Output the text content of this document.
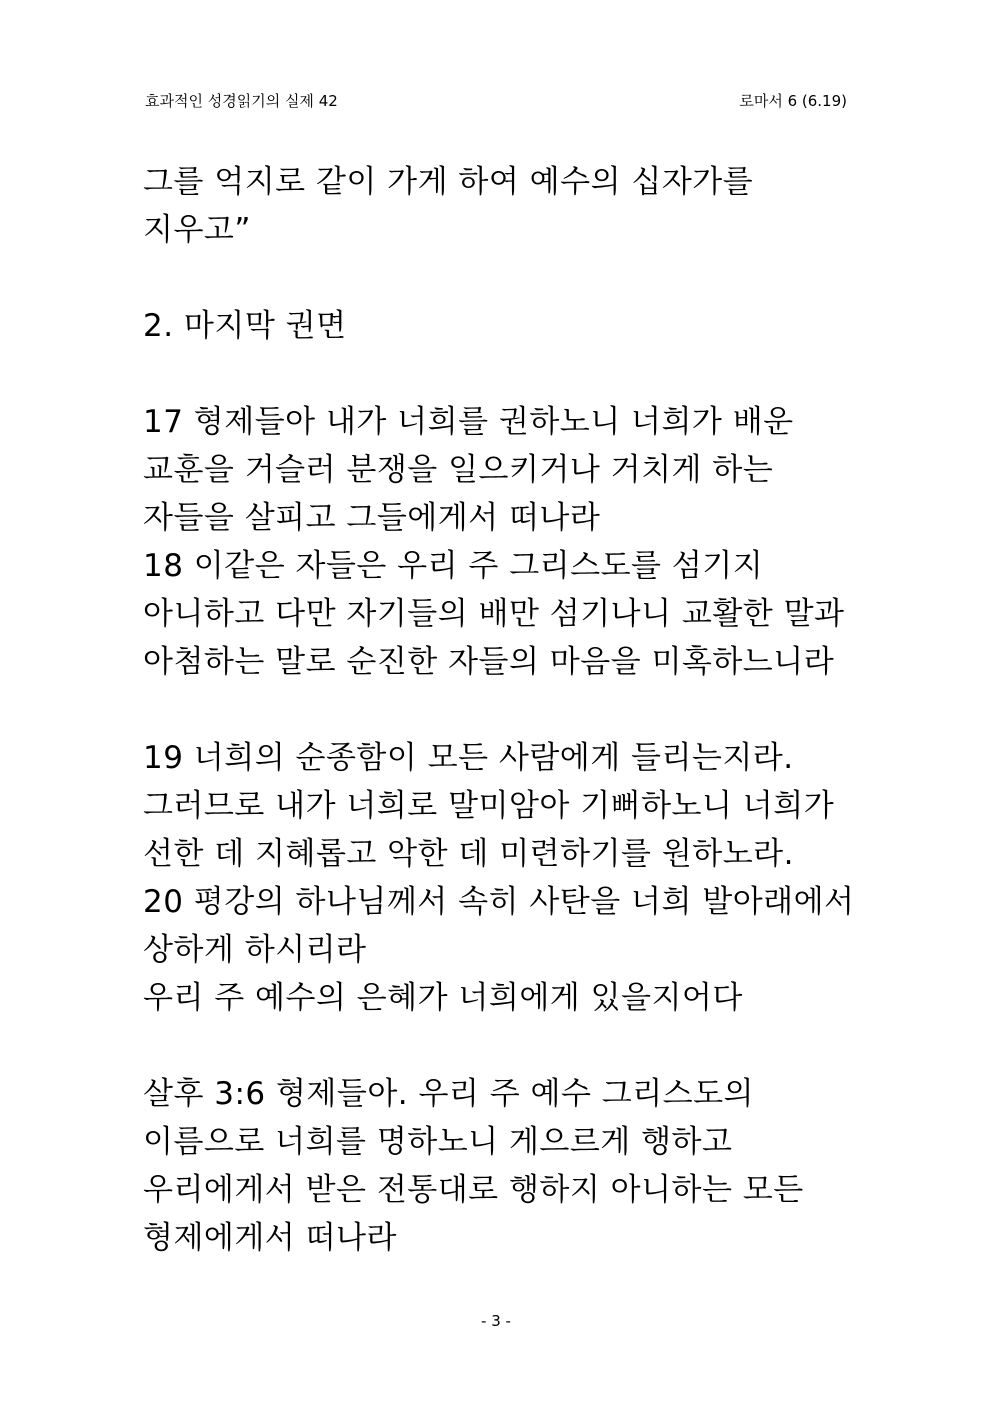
효과적인 성경읽기의 실제 42	로마서 6 (6.19)
그를 억지로 같이 가게 하여 예수의 십자가를
지우고”
2. 마지막 권면
17 형제들아 내가 너희를 권하노니 너희가 배운
교훈을 거슬러 분쟁을 일으키거나 거치게 하는
자들을 살피고 그들에게서 떠나라
18 이같은 자들은 우리 주 그리스도를 섬기지
아니하고 다만 자기들의 배만 섬기나니 교활한 말과
아첨하는 말로 순진한 자들의 마음을 미혹하느니라
19 너희의 순종함이 모든 사람에게 들리는지라.
그러므로 내가 너희로 말미암아 기뻐하노니 너희가
선한 데 지혜롭고 악한 데 미련하기를 원하노라.
20 평강의 하나님께서 속히 사탄을 너희 발아래에서
상하게 하시리라
우리 주 예수의 은혜가 너희에게 있을지어다
살후 3:6 형제들아. 우리 주 예수 그리스도의
이름으로 너희를 명하노니 게으르게 행하고
우리에게서 받은 전통대로 행하지 아니하는 모든
형제에게서 떠나라
- 3 -
